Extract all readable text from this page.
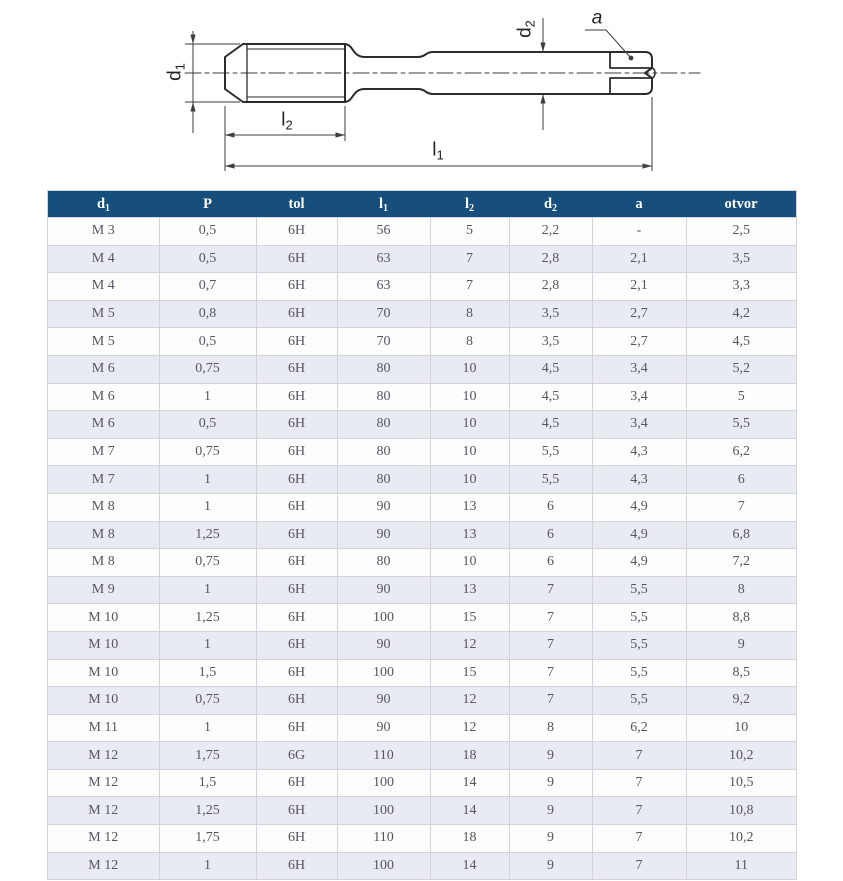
$d_1$
$d_2$	a
$l_2$
$l_1$
$d_1$	P	tol	$l_1$	$l_2$	$d_2$	a	otvor
M 3	0,5	6H	56	5	2,2	-	2,5
M 4	0,5	6H	63	7	2,8	2,1	3,5
M 4	0,7	6H	63	7	2,8	2,1	3,3
M 5	0,8	6H	70	8	3,5	2,7	4,2
M 5	0,5	6H	70	8	3,5	2,7	4,5
M 6	0,75	6H	80	10	4,5	3,4	5,2
M 6	1	6H	80	10	4,5	3,4	5
M 6	0,5	6H	80	10	4,5	3,4	5,5
M 7	0,75	6H	80	10	5,5	4,3	6,2
M 7	1	6H	80	10	5,5	4,3	6
M 8	1	6H	90	13	6	4,9	7
M 8	1,25	6H	90	13	6	4,9	6,8
M 8	0,75	6H	80	10	6	4,9	7,2
M 9	1	6H	90	13	7	5,5	8
M 10	1,25	6H	100	15	7	5,5	8,8
M 10	1	6H	90	12	7	5,5	9
M 10	1,5	6H	100	15	7	5,5	8,5
M 10	0,75	6H	90	12	7	5,5	9,2
M 11	1	6H	90	12	8	6,2	10
M 12	1,75	6G	110	18	9	7	10,2
M 12	1,5	6H	100	14	9	7	10,5
M 12	1,25	6H	100	14	9	7	10,8
M 12	1,75	6H	110	18	9	7	10,2
M 12	1	6H	100	14	9	7	11
